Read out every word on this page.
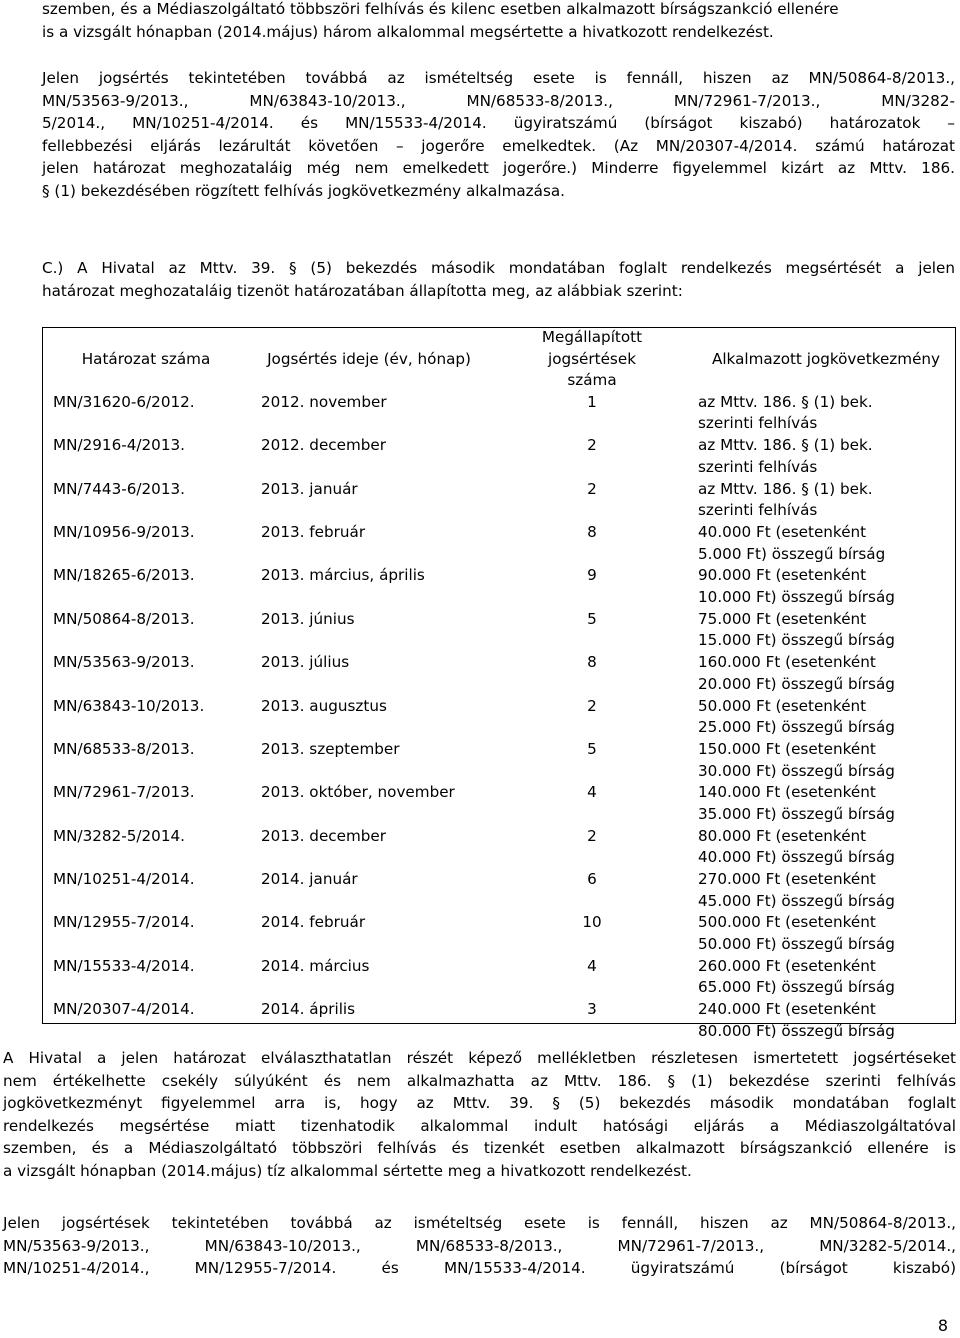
szemben, és a Médiaszolgáltató többszöri felhívás és kilenc esetben alkalmazott bírságszankció ellenére
is a vizsgált hónapban (2014.május) három alkalommal megsértette a hivatkozott rendelkezést.
Jelen jogsértés tekintetében továbbá az ismételtség esete is fennáll, hiszen az MN/50864-8/2013.,
MN/53563-9/2013., MN/63843-10/2013., MN/68533-8/2013., MN/72961-7/2013., MN/3282-
5/2014., MN/10251-4/2014. és MN/15533-4/2014. ügyiratszámú (bírságot kiszabó) határozatok –
fellebbezési eljárás lezárultát követően – jogerőre emelkedtek. (Az MN/20307-4/2014. számú határozat
jelen határozat meghozataláig még nem emelkedett jogerőre.) Minderre figyelemmel kizárt az Mttv. 186.
§ (1) bekezdésében rögzített felhívás jogkövetkezmény alkalmazása.
C.) A Hivatal az Mttv. 39. § (5) bekezdés második mondatában foglalt rendelkezés megsértését a jelen
határozat meghozataláig tizenöt határozatában állapította meg, az alábbiak szerint:
Határozat száma	Jogsértés ideje (év, hónap)	Megállapított jogsértések száma	Alkalmazott jogkövetkezmény
MN/31620-6/2012.	2012. november	1	az Mttv. 186. § (1) bek. szerinti felhívás
MN/2916-4/2013.	2012. december	2	az Mttv. 186. § (1) bek. szerinti felhívás
MN/7443-6/2013.	2013. január	2	az Mttv. 186. § (1) bek. szerinti felhívás
MN/10956-9/2013.	2013. február	8	40.000 Ft (esetenként 5.000 Ft) összegű bírság
MN/18265-6/2013.	2013. március, április	9	90.000 Ft (esetenként 10.000 Ft) összegű bírság
MN/50864-8/2013.	2013. június	5	75.000 Ft (esetenként 15.000 Ft) összegű bírság
MN/53563-9/2013.	2013. július	8	160.000 Ft (esetenként 20.000 Ft) összegű bírság
MN/63843-10/2013.	2013. augusztus	2	50.000 Ft (esetenként 25.000 Ft) összegű bírság
MN/68533-8/2013.	2013. szeptember	5	150.000 Ft (esetenként 30.000 Ft) összegű bírság
MN/72961-7/2013.	2013. október, november	4	140.000 Ft (esetenként 35.000 Ft) összegű bírság
MN/3282-5/2014.	2013. december	2	80.000 Ft (esetenként 40.000 Ft) összegű bírság
MN/10251-4/2014.	2014. január	6	270.000 Ft (esetenként 45.000 Ft) összegű bírság
MN/12955-7/2014.	2014. február	10	500.000 Ft (esetenként 50.000 Ft) összegű bírság
MN/15533-4/2014.	2014. március	4	260.000 Ft (esetenként 65.000 Ft) összegű bírság
MN/20307-4/2014.	2014. április	3	240.000 Ft (esetenként 80.000 Ft) összegű bírság
A Hivatal a jelen határozat elválaszthatatlan részét képező mellékletben részletesen ismertetett jogsértéseket
nem értékelhette csekély súlyúként és nem alkalmazhatta az Mttv. 186. § (1) bekezdése szerinti felhívás
jogkövetkezményt figyelemmel arra is, hogy az Mttv. 39. § (5) bekezdés második mondatában foglalt
rendelkezés megsértése miatt tizenhatodik alkalommal indult hatósági eljárás a Médiaszolgáltatóval
szemben, és a Médiaszolgáltató többszöri felhívás és tizenkét esetben alkalmazott bírságszankció ellenére is
a vizsgált hónapban (2014.május) tíz alkalommal sértette meg a hivatkozott rendelkezést.
Jelen jogsértések tekintetében továbbá az ismételtség esete is fennáll, hiszen az MN/50864-8/2013.,
MN/53563-9/2013., MN/63843-10/2013., MN/68533-8/2013., MN/72961-7/2013., MN/3282-5/2014.,
MN/10251-4/2014., MN/12955-7/2014. és MN/15533-4/2014. ügyiratszámú (bírságot kiszabó)
8
